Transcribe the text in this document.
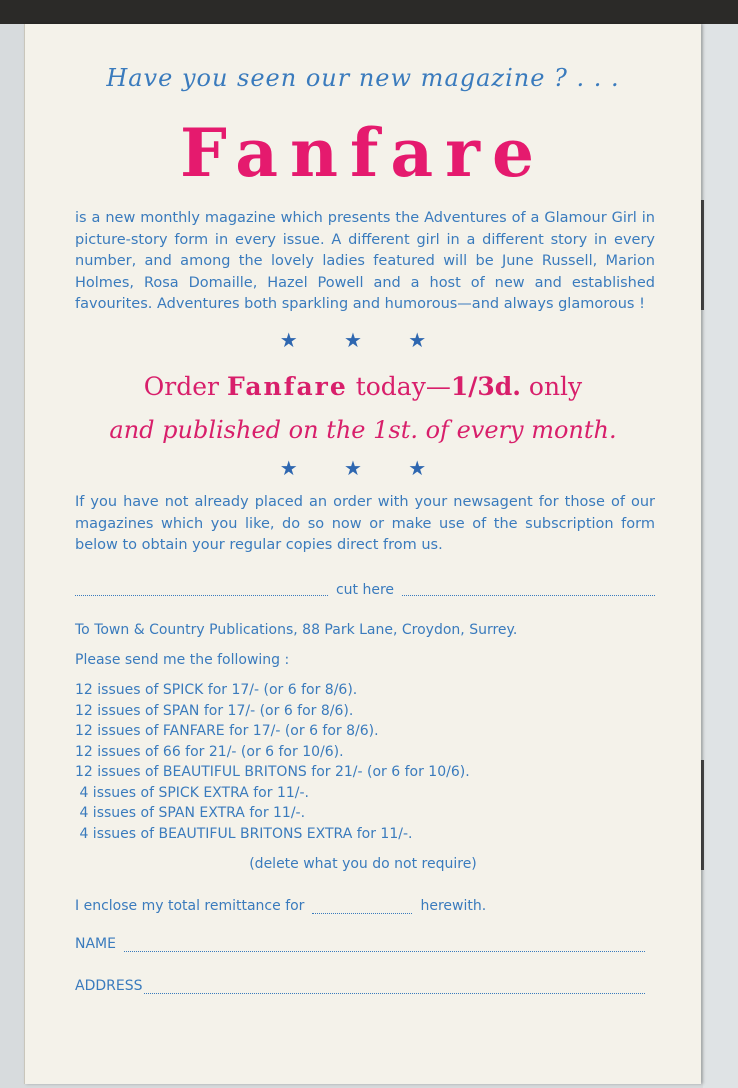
Have you seen our new magazine ? . . .
Fanfare
is a new monthly magazine which presents the Adventures of a Glamour Girl in picture-story form in every issue. A different girl in a different story in every number, and among the lovely ladies featured will be June Russell, Marion Holmes, Rosa Domaille, Hazel Powell and a host of new and established favourites. Adventures both sparkling and humorous—and always glamorous !
★ ★ ★
Order Fanfare today—1/3d. only
and published on the 1st. of every month.
★ ★ ★
If you have not already placed an order with your newsagent for those of our magazines which you like, do so now or make use of the subscription form below to obtain your regular copies direct from us.
cut here
To Town & Country Publications, 88 Park Lane, Croydon, Surrey.
Please send me the following :
12 issues of SPICK for 17/- (or 6 for 8/6).
12 issues of SPAN for 17/- (or 6 for 8/6).
12 issues of FANFARE for 17/- (or 6 for 8/6).
12 issues of 66 for 21/- (or 6 for 10/6).
12 issues of BEAUTIFUL BRITONS for 21/- (or 6 for 10/6).
4 issues of SPICK EXTRA for 11/-.
4 issues of SPAN EXTRA for 11/-.
4 issues of BEAUTIFUL BRITONS EXTRA for 11/-.
(delete what you do not require)
I enclose my total remittance for	herewith.
NAME
ADDRESS
